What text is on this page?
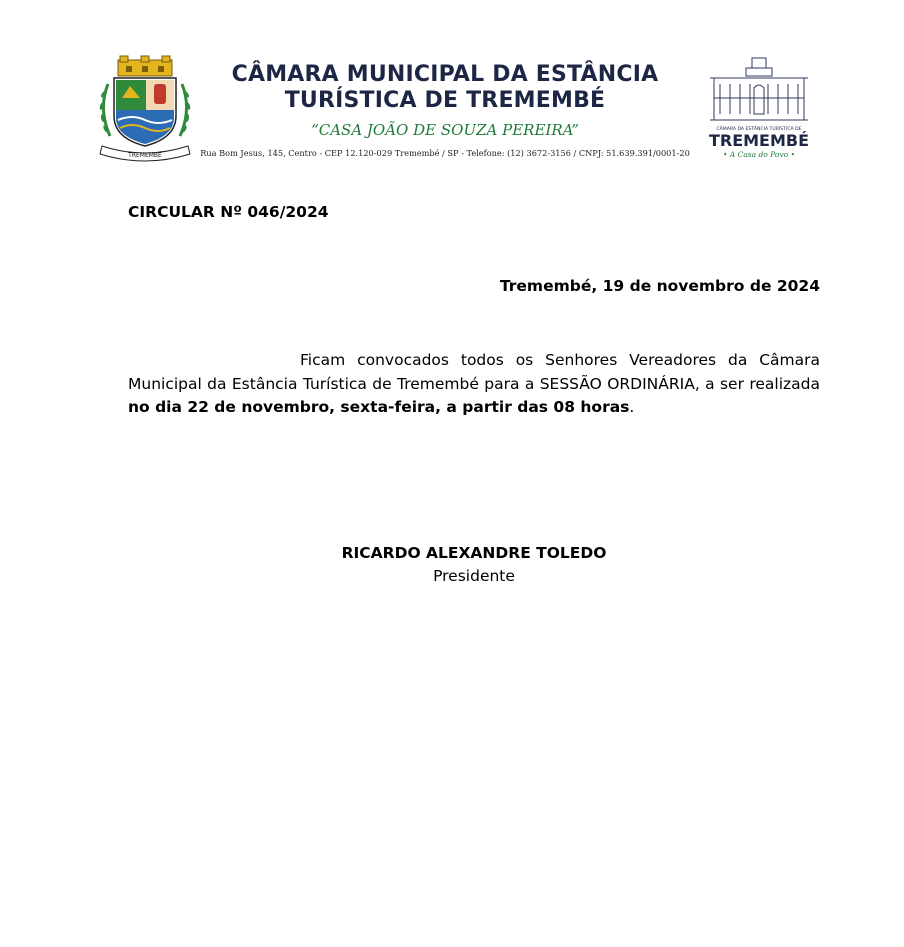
TREMEMBÉ
CÂMARA MUNICIPAL DA ESTÂNCIA
TURÍSTICA DE TREMEMBÉ
“CASA JOÃO DE SOUZA PEREIRA”
Rua Bom Jesus, 145, Centro - CEP 12.120-029 Tremembé / SP - Telefone: (12) 3672-3156 / CNPJ: 51.639.391/0001-20
CÂMARA DA ESTÂNCIA TURÍSTICA DE
TREMEMBÉ
• A Casa do Povo •
CIRCULAR Nº 046/2024
Tremembé, 19 de novembro de 2024
Ficam convocados todos os Senhores Vereadores da Câmara Municipal da Estância Turística de Tremembé para a SESSÃO ORDINÁRIA, a ser realizada no dia 22 de novembro, sexta-feira, a partir das 08 horas.
RICARDO ALEXANDRE TOLEDO
Presidente
